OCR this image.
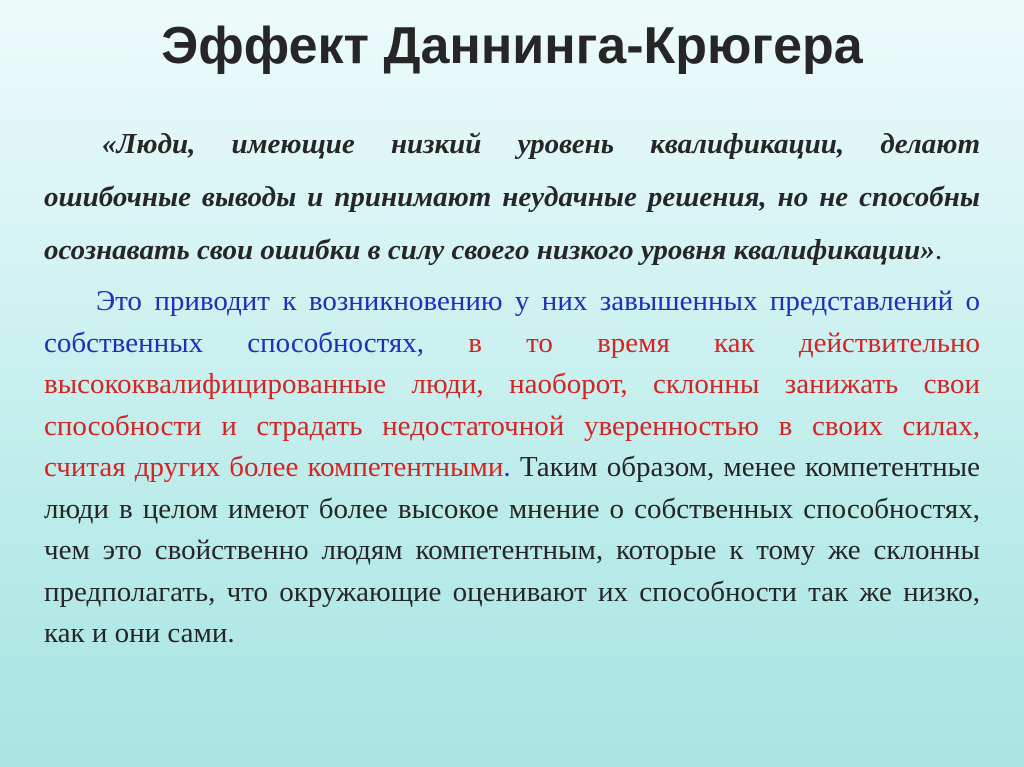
Эффект Даннинга-Крюгера

«Люди, имеющие низкий уровень квалификации, делают ошибочные выводы и принимают неудачные решения, но не способны осознавать свои ошибки в силу своего низкого уровня квалификации».

Это приводит к возникновению у них завышенных представлений о собственных способностях, в то время как действительно высококвалифицированные люди, наоборот, склонны занижать свои способности и страдать недостаточной уверенностью в своих силах, считая других более компетентными. Таким образом, менее компетентные люди в целом имеют более высокое мнение о собственных способностях, чем это свойственно людям компетентным, которые к тому же склонны предполагать, что окружающие оценивают их способности так же низко, как и они сами.
